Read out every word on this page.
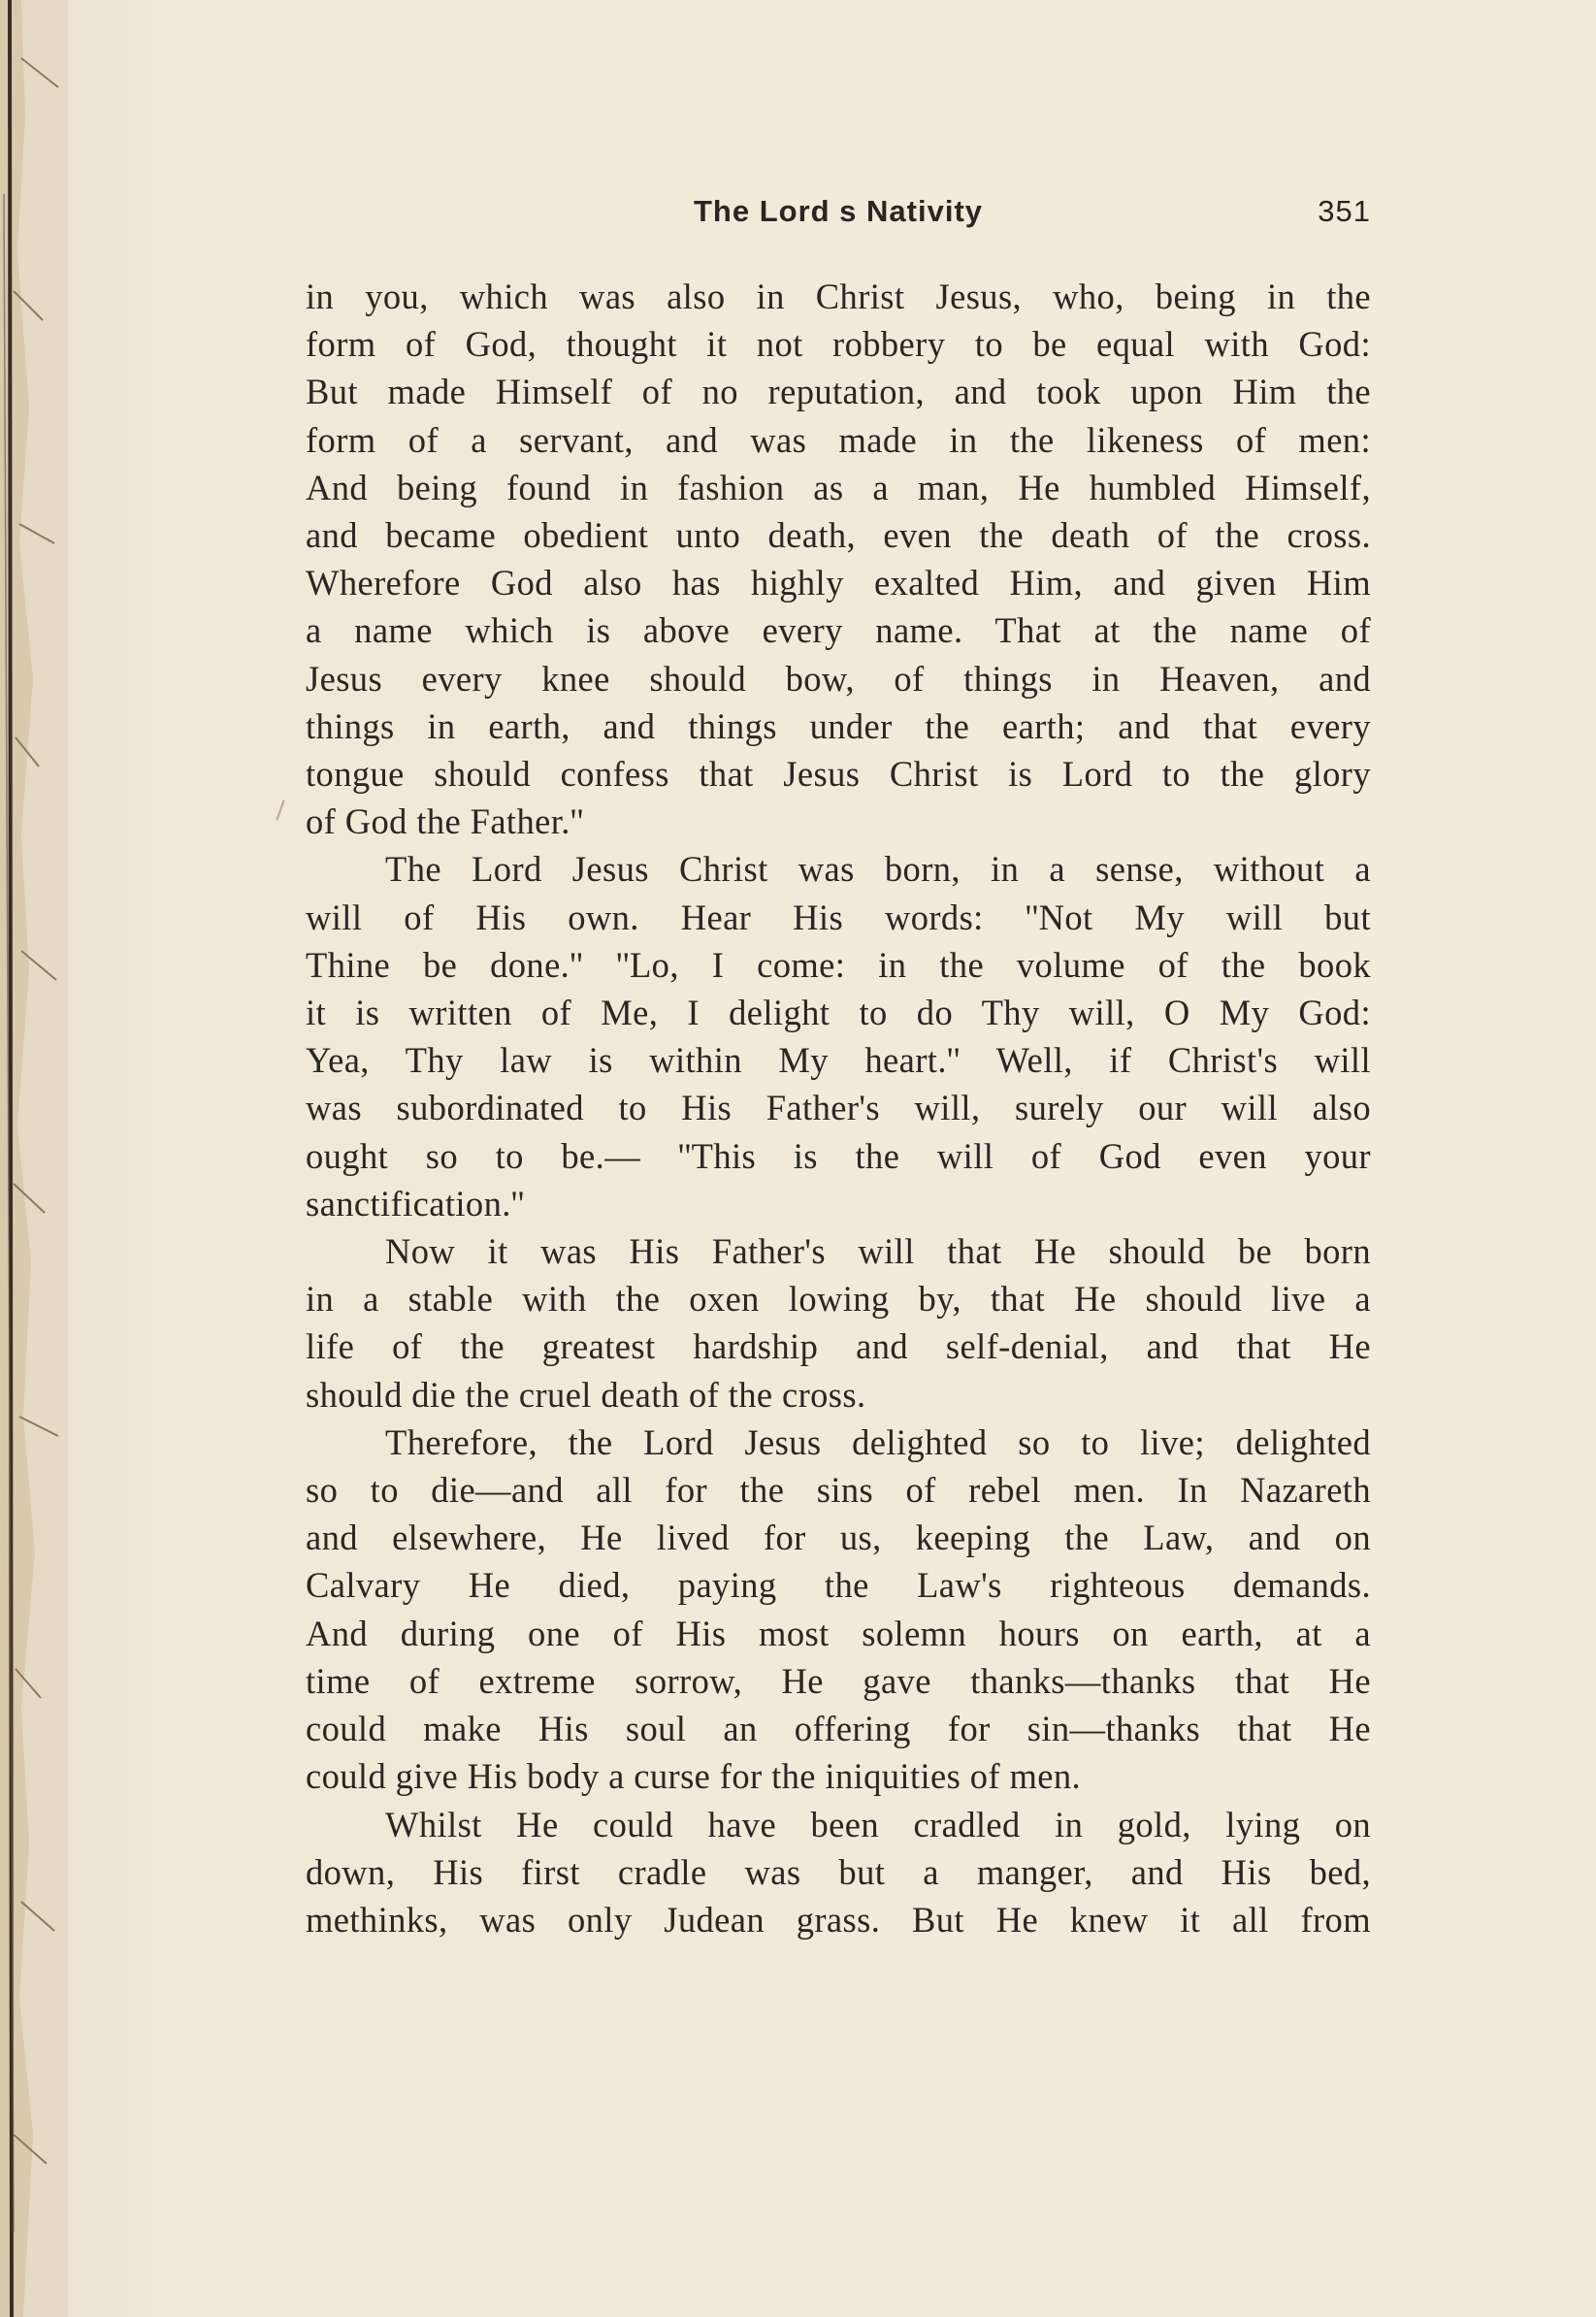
The Lord s Nativity	351

in you, which was also in Christ Jesus, who, being in the
form of God, thought it not robbery to be equal with God:
But made Himself of no reputation, and took upon Him the
form of a servant, and was made in the likeness of men:
And being found in fashion as a man, He humbled Himself,
and became obedient unto death, even the death of the cross.
Wherefore God also has highly exalted Him, and given Him
a name which is above every name. That at the name of
Jesus every knee should bow, of things in Heaven, and
things in earth, and things under the earth; and that every
tongue should confess that Jesus Christ is Lord to the glory
of God the Father.''

The Lord Jesus Christ was born, in a sense, without a
will of His own. Hear His words: ''Not My will but
Thine be done.'' ''Lo, I come: in the volume of the book
it is written of Me, I delight to do Thy will, O My God:
Yea, Thy law is within My heart.'' Well, if Christ's will
was subordinated to His Father's will, surely our will also
ought so to be.— ''This is the will of God even your
sanctification.''

Now it was His Father's will that He should be born
in a stable with the oxen lowing by, that He should live a
life of the greatest hardship and self-denial, and that He
should die the cruel death of the cross.

Therefore, the Lord Jesus delighted so to live; delighted
so to die—and all for the sins of rebel men. In Nazareth
and elsewhere, He lived for us, keeping the Law, and on
Calvary He died, paying the Law's righteous demands.
And during one of His most solemn hours on earth, at a
time of extreme sorrow, He gave thanks—thanks that He
could make His soul an offering for sin—thanks that He
could give His body a curse for the iniquities of men.

Whilst He could have been cradled in gold, lying on
down, His first cradle was but a manger, and His bed,
methinks, was only Judean grass. But He knew it all from
